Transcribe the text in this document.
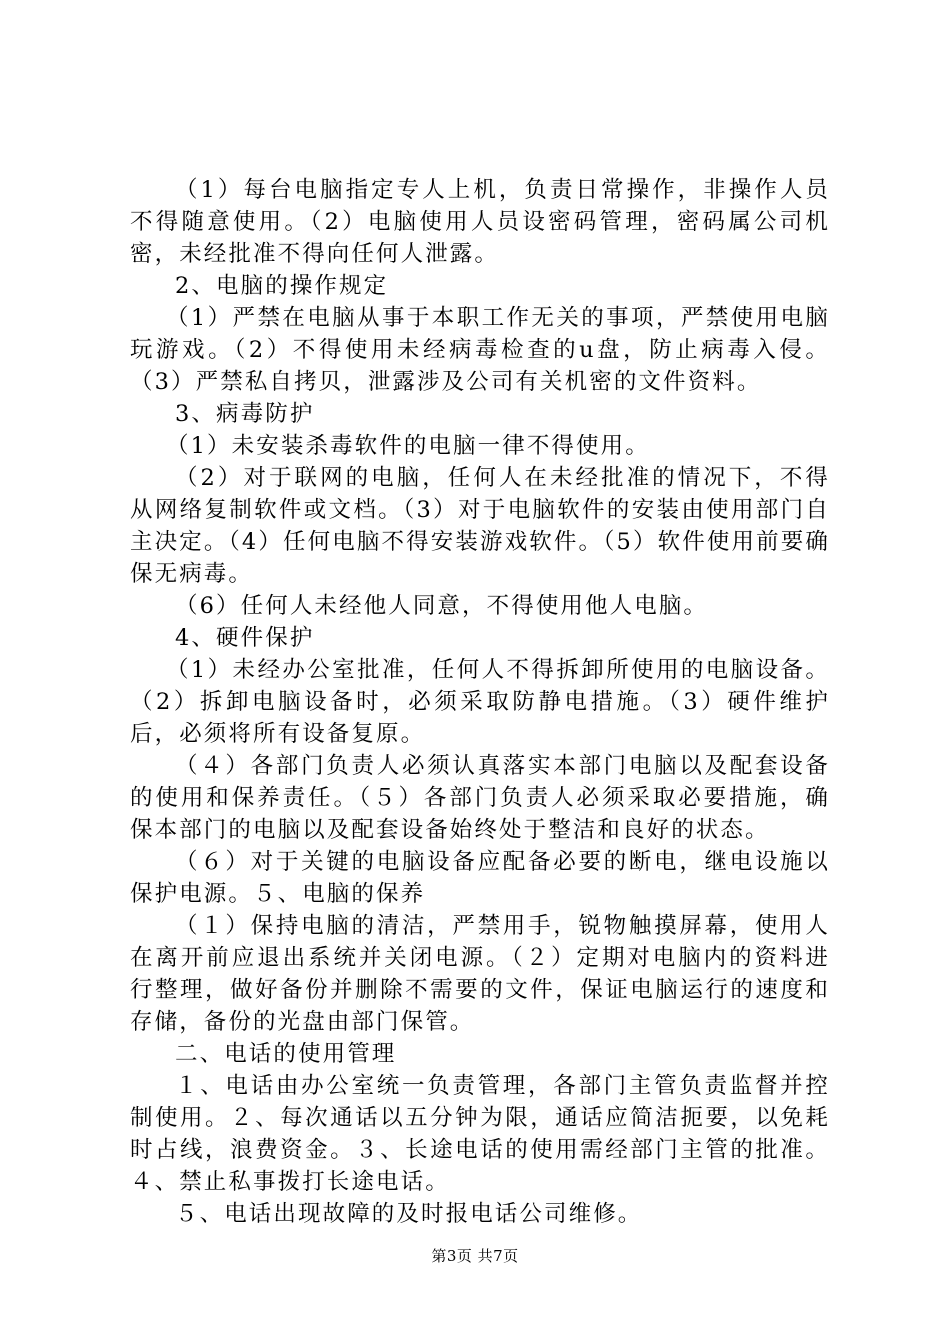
（1）每台电脑指定专人上机，负责日常操作，非操作人员不得随意使用。（2）电脑使用人员设密码管理，密码属公司机密，未经批准不得向任何人泄露。

2、电脑的操作规定

（1）严禁在电脑从事于本职工作无关的事项，严禁使用电脑玩游戏。（2）不得使用未经病毒检查的u盘，防止病毒入侵。（3）严禁私自拷贝，泄露涉及公司有关机密的文件资料。

3、病毒防护

（1）未安装杀毒软件的电脑一律不得使用。

（2）对于联网的电脑，任何人在未经批准的情况下，不得从网络复制软件或文档。（3）对于电脑软件的安装由使用部门自主决定。（4）任何电脑不得安装游戏软件。（5）软件使用前要确保无病毒。

（6）任何人未经他人同意，不得使用他人电脑。

4、硬件保护

（1）未经办公室批准，任何人不得拆卸所使用的电脑设备。（2）拆卸电脑设备时，必须采取防静电措施。（3）硬件维护后，必须将所有设备复原。

（４）各部门负责人必须认真落实本部门电脑以及配套设备的使用和保养责任。（５）各部门负责人必须采取必要措施，确保本部门的电脑以及配套设备始终处于整洁和良好的状态。

（６）对于关键的电脑设备应配备必要的断电，继电设施以保护电源。５、电脑的保养

（１）保持电脑的清洁，严禁用手，锐物触摸屏幕，使用人在离开前应退出系统并关闭电源。（２）定期对电脑内的资料进行整理，做好备份并删除不需要的文件，保证电脑运行的速度和存储，备份的光盘由部门保管。

二、电话的使用管理

１、电话由办公室统一负责管理，各部门主管负责监督并控制使用。２、每次通话以五分钟为限，通话应简洁扼要，以免耗时占线，浪费资金。３、长途电话的使用需经部门主管的批准。４、禁止私事拨打长途电话。

５、电话出现故障的及时报电话公司维修。

第3页 共7页
